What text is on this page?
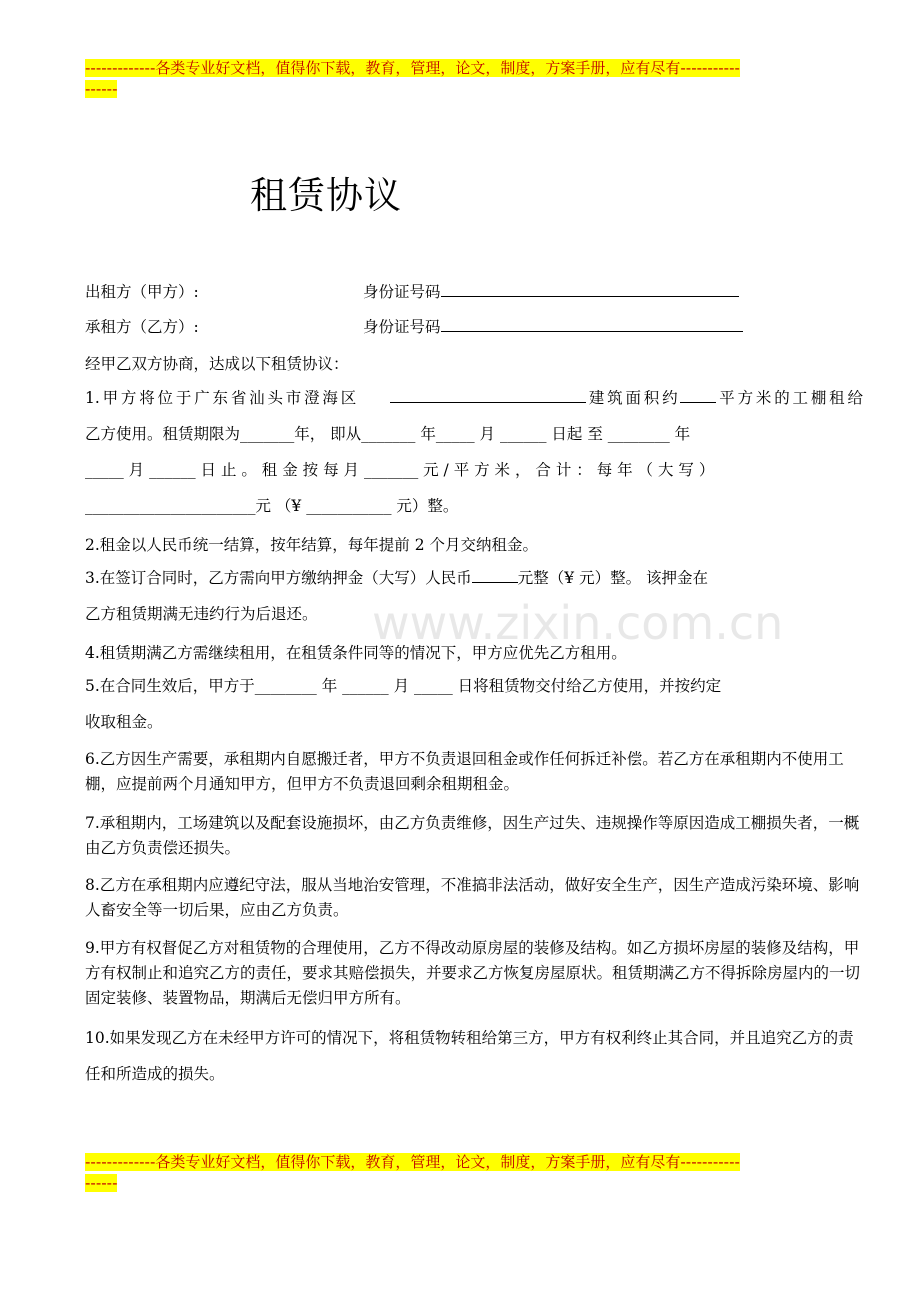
www.zixin.com.cn
-------------各类专业好文档，值得你下载，教育，管理，论文，制度，方案手册，应有尽有-----------
------
租赁协议
出租方（甲方）:	身份证号码
承租方（乙方）:	身份证号码
经甲乙双方协商，达成以下租赁协议：
1.甲方将位于广东省汕头市澄海区	建筑面积约 平方米的工棚租给
乙方使用。租赁期限为_______年， 即从_______ 年_____ 月 ______ 日起 至 ________ 年
_____ 月 ______ 日 止 。 租 金 按 每 月 _______ 元 / 平 方 米 ， 合 计 ： 每 年 （ 大 写 ）
______________________元 （¥ ___________ 元）整。
2.租金以人民币统一结算，按年结算，每年提前 2 个月交纳租金。
3.在签订合同时，乙方需向甲方缴纳押金（大写）人民币	元整（¥ 元）整。 该押金在
乙方租赁期满无违约行为后退还。
4.租赁期满乙方需继续租用，在租赁条件同等的情况下，甲方应优先乙方租用。
5.在合同生效后，甲方于________ 年 ______ 月 _____ 日将租赁物交付给乙方使用，并按约定
收取租金。
6.乙方因生产需要，承租期内自愿搬迁者，甲方不负责退回租金或作任何拆迁补偿。若乙方在承租期内不使用工棚，应提前两个月通知甲方，但甲方不负责退回剩余租期租金。
7.承租期内，工场建筑以及配套设施损坏，由乙方负责维修，因生产过失、违规操作等原因造成工棚损失者，一概由乙方负责偿还损失。
8.乙方在承租期内应遵纪守法，服从当地治安管理，不准搞非法活动，做好安全生产，因生产造成污染环境、影响人畜安全等一切后果，应由乙方负责。
9.甲方有权督促乙方对租赁物的合理使用，乙方不得改动原房屋的装修及结构。如乙方损坏房屋的装修及结构，甲方有权制止和追究乙方的责任，要求其赔偿损失，并要求乙方恢复房屋原状。租赁期满乙方不得拆除房屋内的一切固定装修、装置物品，期满后无偿归甲方所有。
10.如果发现乙方在未经甲方许可的情况下，将租赁物转租给第三方，甲方有权利终止其合同，并且追究乙方的责任和所造成的损失。
-------------各类专业好文档，值得你下载，教育，管理，论文，制度，方案手册，应有尽有-----------
------
